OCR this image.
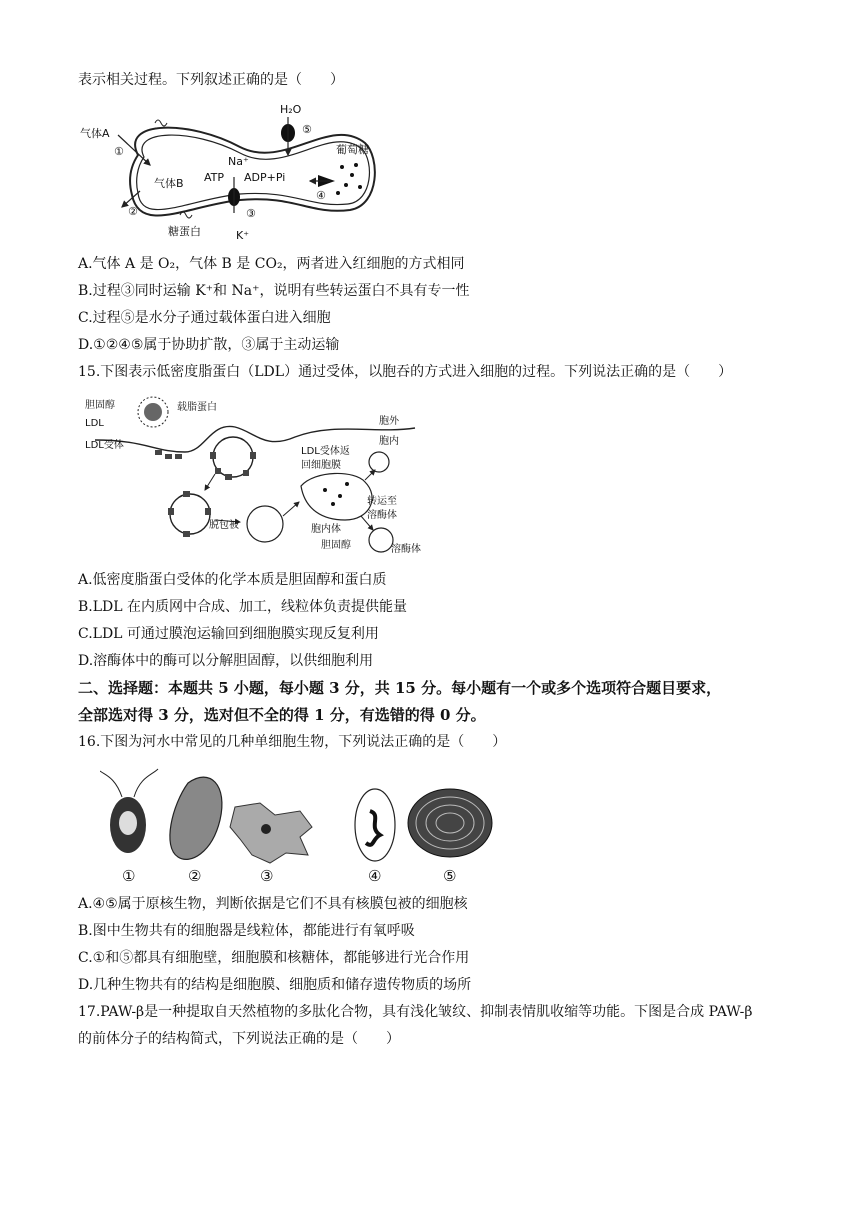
表示相关过程。下列叙述正确的是（　　）
H₂O
⑤
气体A
①
气体B
②
糖蛋白
Na⁺
ATP ADP+Pi
③
K⁺
葡萄糖
④
A.气体 A 是 O₂，气体 B 是 CO₂，两者进入红细胞的方式相同
B.过程③同时运输 K⁺和 Na⁺，说明有些转运蛋白不具有专一性
C.过程⑤是水分子通过载体蛋白进入细胞
D.①②④⑤属于协助扩散，③属于主动运输
15.下图表示低密度脂蛋白（LDL）通过受体，以胞吞的方式进入细胞的过程。下列说法正确的是（　　）
胆固醇	载脂蛋白
LDL
LDL受体
胞外
胞内
LDL受体返
回细胞膜
脱包被
转运至
溶酶体
胞内体
胆固醇	溶酶体
A.低密度脂蛋白受体的化学本质是胆固醇和蛋白质
B.LDL 在内质网中合成、加工，线粒体负责提供能量
C.LDL 可通过膜泡运输回到细胞膜实现反复利用
D.溶酶体中的酶可以分解胆固醇，以供细胞利用
二、选择题：本题共 5 小题，每小题 3 分，共 15 分。每小题有一个或多个选项符合题目要求，
全部选对得 3 分，选对但不全的得 1 分，有选错的得 0 分。
16.下图为河水中常见的几种单细胞生物，下列说法正确的是（　　）
①	②	③	④	⑤
A.④⑤属于原核生物，判断依据是它们不具有核膜包被的细胞核
B.图中生物共有的细胞器是线粒体，都能进行有氧呼吸
C.①和⑤都具有细胞壁，细胞膜和核糖体，都能够进行光合作用
D.几种生物共有的结构是细胞膜、细胞质和储存遗传物质的场所
17.PAW-β是一种提取自天然植物的多肽化合物，具有浅化皱纹、抑制表情肌收缩等功能。下图是合成 PAW-β
的前体分子的结构简式，下列说法正确的是（　　）
